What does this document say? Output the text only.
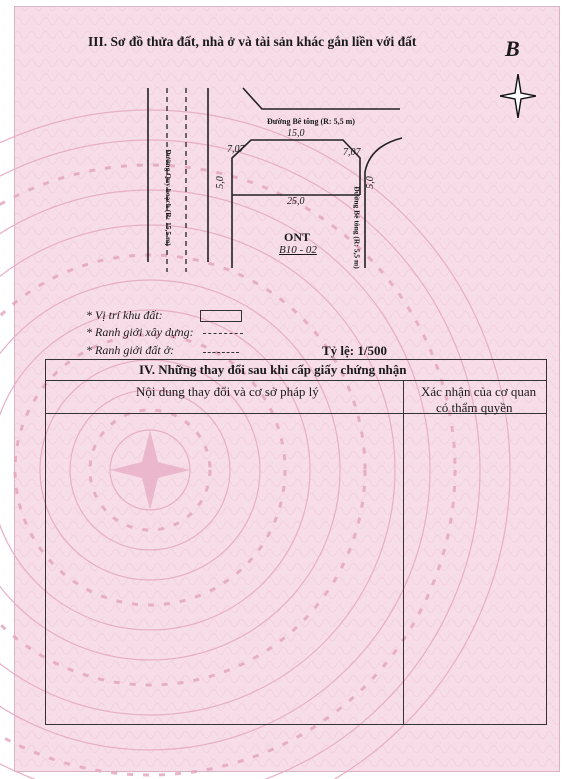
III. Sơ đồ thửa đất, nhà ở và tài sản khác gắn liền với đất	B
Đường Bê tông (R: 5,5 m)
15,0
7,07	7,07
5,0	5,0
25,0
Đường Quy hoạch (R: 15,5 m)	Đường Bê tông (R: 5,5 m)
ONT
B10 - 02
* Vị trí khu đất:
* Ranh giới xây dựng:
* Ranh giới đất ở:	Tỷ lệ: 1/500
IV. Những thay đổi sau khi cấp giấy chứng nhận
Nội dung thay đổi và cơ sở pháp lý	Xác nhận của cơ quan
có thẩm quyền
